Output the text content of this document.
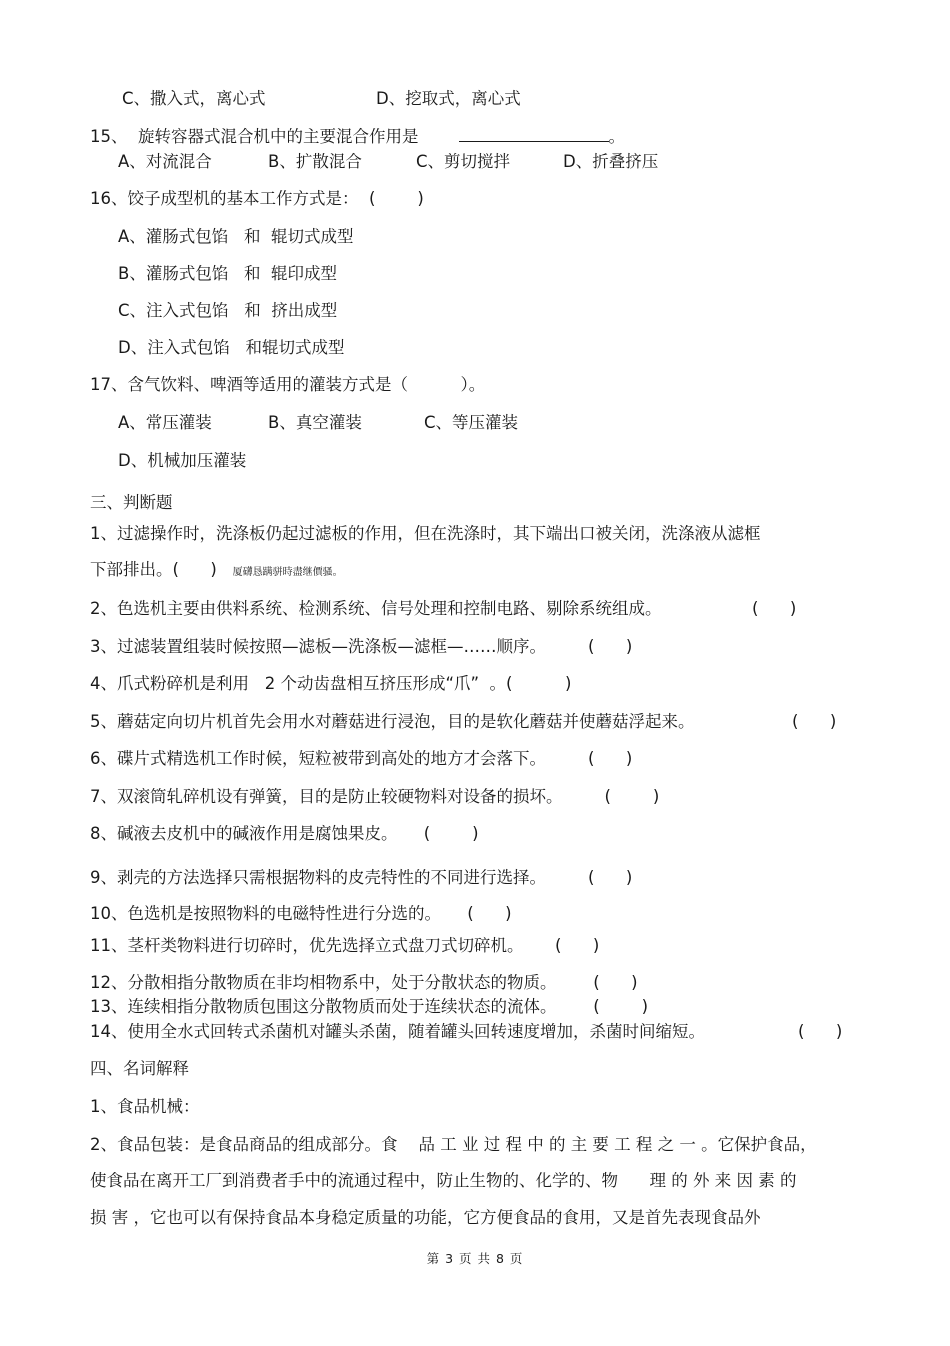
C、撒入式，离心式	D、挖取式，离心式
15、  旋转容器式混合机中的主要混合作用是	。
A、对流混合	B、扩散混合	C、剪切搅拌	D、折叠挤压
16、饺子成型机的基本工作方式是：  (        )
A、灌肠式包馅   和  辊切式成型
B、灌肠式包馅   和  辊印成型
C、注入式包馅   和  挤出成型
D、注入式包馅   和辊切式成型
17、含气饮料、啤酒等适用的灌装方式是（          ）。
A、常压灌装	B、真空灌装	C、等压灌装
D、机械加压灌装
三、判断题
1、过滤操作时，洗涤板仍起过滤板的作用，但在洗涤时，其下端出口被关闭，洗涤液从滤框
下部排出。(      ) 厦礴恳蹒骈時盡继價骚。
2、色选机主要由供料系统、检测系统、信号处理和控制电路、剔除系统组成。	(      )
3、过滤装置组装时候按照—滤板—洗涤板—滤框—……顺序。        (      )
4、爪式粉碎机是利用   2 个动齿盘相互挤压形成“爪”  。(          )
5、蘑菇定向切片机首先会用水对蘑菇进行浸泡，目的是软化蘑菇并使蘑菇浮起来。	(      )
6、碟片式精选机工作时候，短粒被带到高处的地方才会落下。        (      )
7、双滚筒轧碎机设有弹簧，目的是防止较硬物料对设备的损坏。        (        )
8、碱液去皮机中的碱液作用是腐蚀果皮。     (        )
9、剥壳的方法选择只需根据物料的皮壳特性的不同进行选择。        (      )
10、色选机是按照物料的电磁特性进行分选的。     (      )
11、茎杆类物料进行切碎时，优先选择立式盘刀式切碎机。      (      )
12、分散相指分散物质在非均相物系中，处于分散状态的物质。       (      )
13、连续相指分散物质包围这分散物质而处于连续状态的流体。       (        )
14、使用全水式回转式杀菌机对罐头杀菌，随着罐头回转速度增加，杀菌时间缩短。	(      )
四、名词解释
1、食品机械：
2、食品包装：是食品商品的组成部分。食    品 工 业 过 程 中 的 主 要 工 程 之 一 。它保护食品，
使食品在离开工厂到消费者手中的流通过程中，防止生物的、化学的、物      理 的 外 来 因 素 的
损 害 ，它也可以有保持食品本身稳定质量的功能，它方便食品的食用，又是首先表现食品外
第 3 页 共 8 页
